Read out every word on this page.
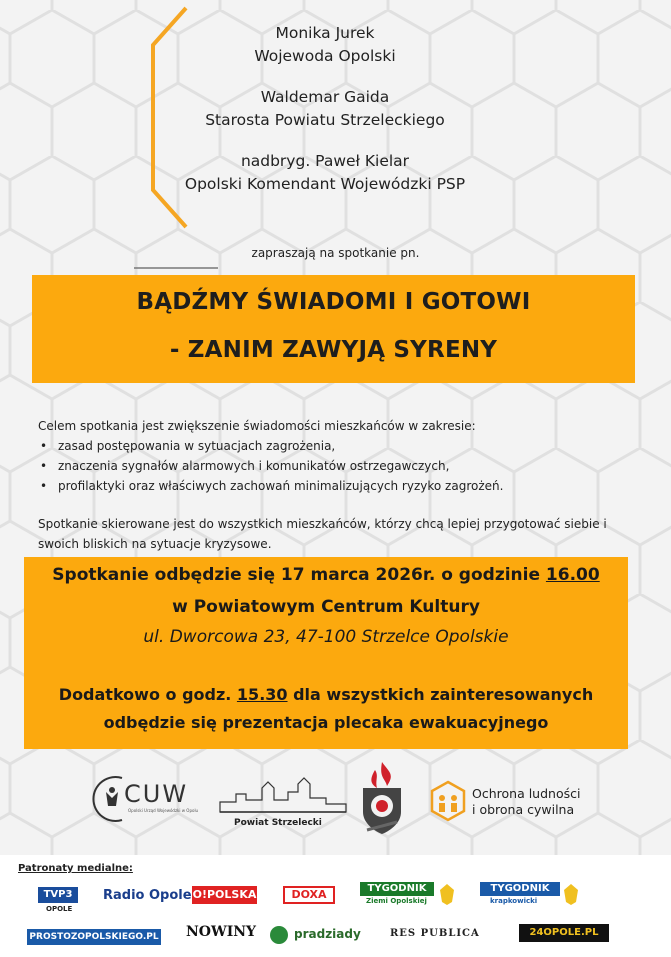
Monika Jurek
Wojewoda Opolski
Waldemar Gaida
Starosta Powiatu Strzeleckiego
nadbryg. Paweł Kielar
Opolski Komendant Wojewódzki PSP
zapraszają na spotkanie pn.
BĄDŹMY ŚWIADOMI I GOTOWI
- ZANIM ZAWYJĄ SYRENY
Celem spotkania jest zwiększenie świadomości mieszkańców w zakresie:
• zasad postępowania w sytuacjach zagrożenia,
• znaczenia sygnałów alarmowych i komunikatów ostrzegawczych,
• profilaktyki oraz właściwych zachowań minimalizujących ryzyko zagrożeń.
Spotkanie skierowane jest do wszystkich mieszkańców, którzy chcą lepiej przygotować siebie i swoich bliskich na sytuacje kryzysowe.
Spotkanie odbędzie się 17 marca 2026r. o godzinie 16.00
w Powiatowym Centrum Kultury
ul. Dworcowa 23, 47-100 Strzelce Opolskie
Dodatkowo o godz. 15.30 dla wszystkich zainteresowanych
odbędzie się prezentacja plecaka ewakuacyjnego
CUW
Opolski Urząd Wojewódzki w Opolu
Powiat Strzelecki
Ochrona ludności
i obrona cywilna
Patronaty medialne:
TVP3
OPOLE
Radio Opole O!POLSKA	DOXA	TYGODNIK
Ziemi Opolskiej
TYGODNIK
krapkowicki
PROSTOZOPOLSKIEGO.PL NOWINY	pradziady	RES PUBLICA	24OPOLE.PL
